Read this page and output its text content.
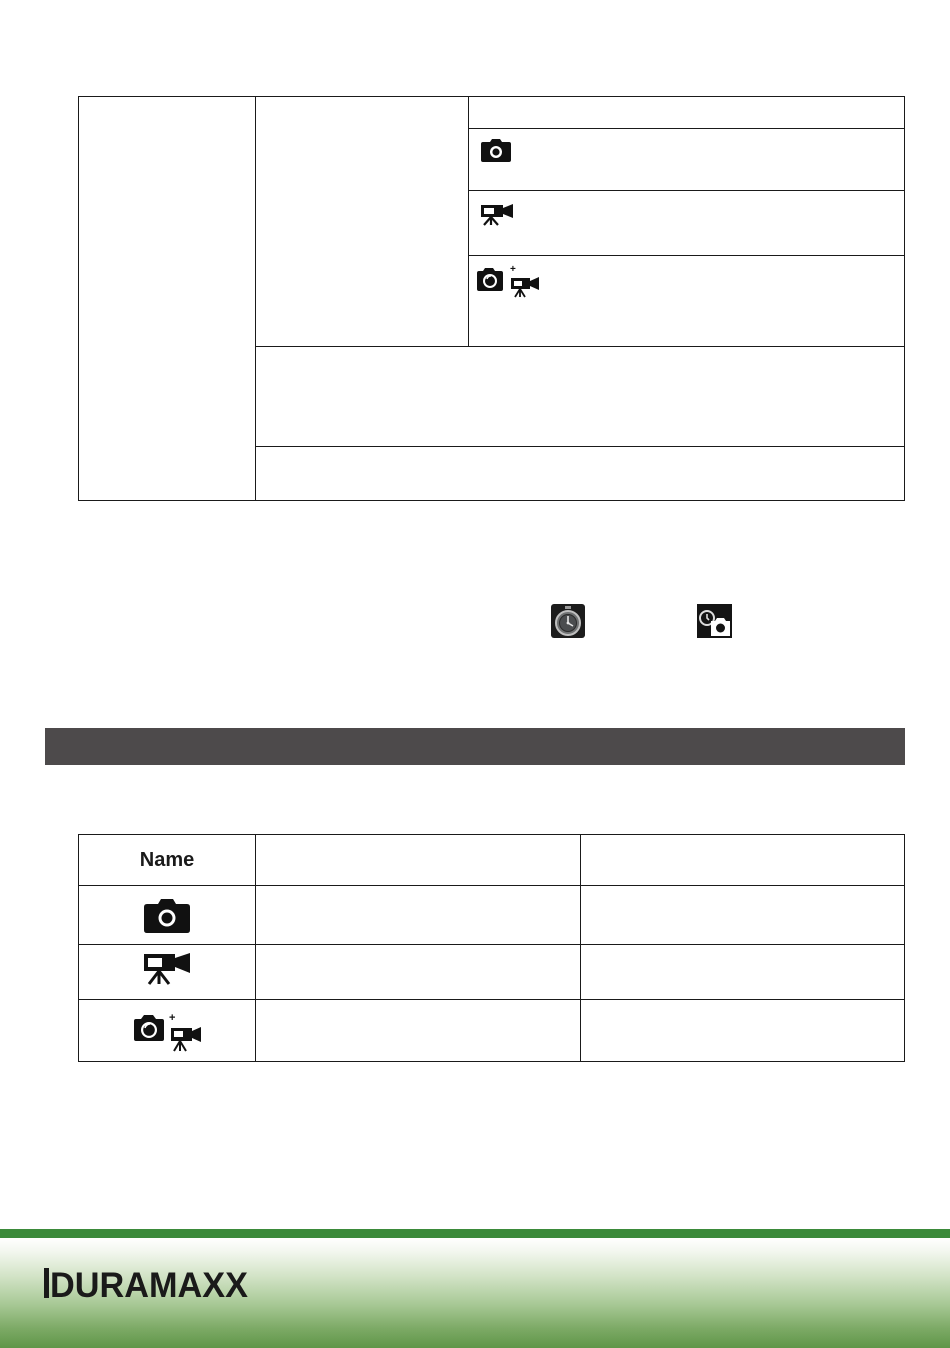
+
Name
+
DURAMAXX
